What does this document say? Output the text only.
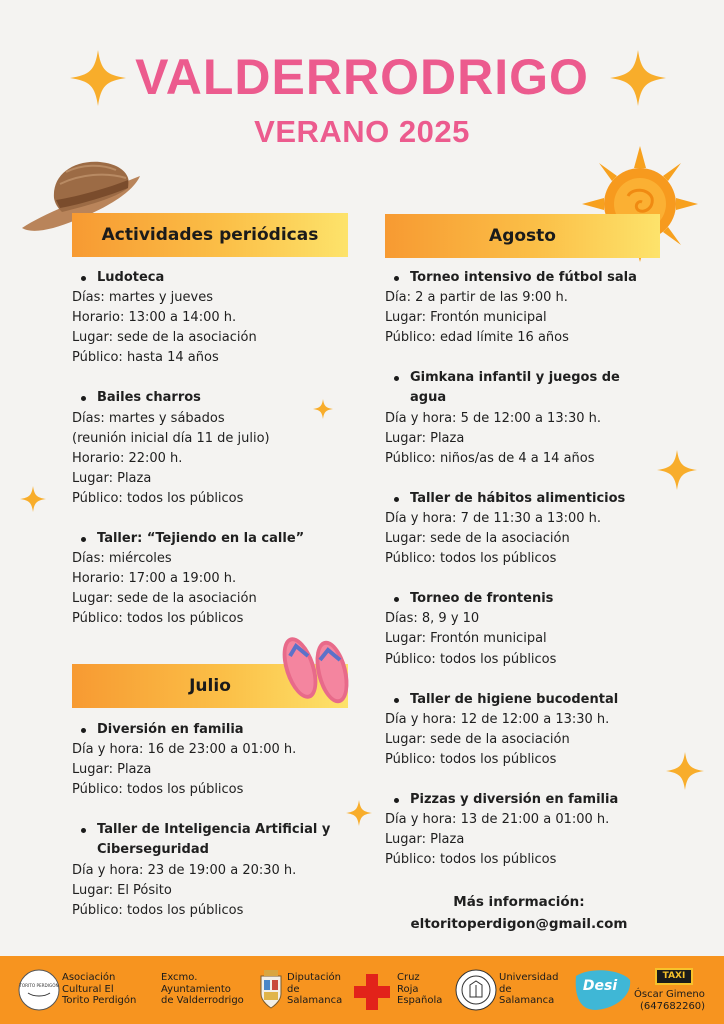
VALDERRODRIGO
VERANO 2025
Actividades periódicas	Agosto
Julio
Ludoteca
Días: martes y jueves
Horario: 13:00 a 14:00 h.
Lugar: sede de la asociación
Público: hasta 14 años
Bailes charros
Días: martes y sábados
(reunión inicial día 11 de julio)
Horario: 22:00 h.
Lugar: Plaza
Público: todos los públicos
Taller: “Tejiendo en la calle”
Días: miércoles
Horario: 17:00 a 19:00 h.
Lugar: sede de la asociación
Público: todos los públicos
Diversión en familia
Día y hora: 16 de 23:00 a 01:00 h.
Lugar: Plaza
Público: todos los públicos
Taller de Inteligencia Artificial y
Ciberseguridad
Día y hora: 23 de 19:00 a 20:30 h.
Lugar: El Pósito
Público: todos los públicos
Torneo intensivo de fútbol sala
Día: 2 a partir de las 9:00 h.
Lugar: Frontón municipal
Público: edad límite 16 años
Gimkana infantil y juegos de
agua
Día y hora: 5 de 12:00 a 13:30 h.
Lugar: Plaza
Público: niños/as de 4 a 14 años
Taller de hábitos alimenticios
Día y hora: 7 de 11:30 a 13:00 h.
Lugar: sede de la asociación
Público: todos los públicos
Torneo de frontenis
Días: 8, 9 y 10
Lugar: Frontón municipal
Público: todos los públicos
Taller de higiene bucodental
Día y hora: 12 de 12:00 a 13:30 h.
Lugar: sede de la asociación
Público: todos los públicos
Pizzas y diversión en familia
Día y hora: 13 de 21:00 a 01:00 h.
Lugar: Plaza
Público: todos los públicos
Más información:
eltoritoperdigon@gmail.com
TORITO PERDIGÓN
Asociación
Cultural El
Torito Perdigón
Excmo.
Ayuntamiento
de Valderrodrigo
Diputación
de
Salamanca
Cruz
Roja
Española
Universidad
de
Salamanca
Desi
TAXI
Óscar Gimeno
(647682260)
